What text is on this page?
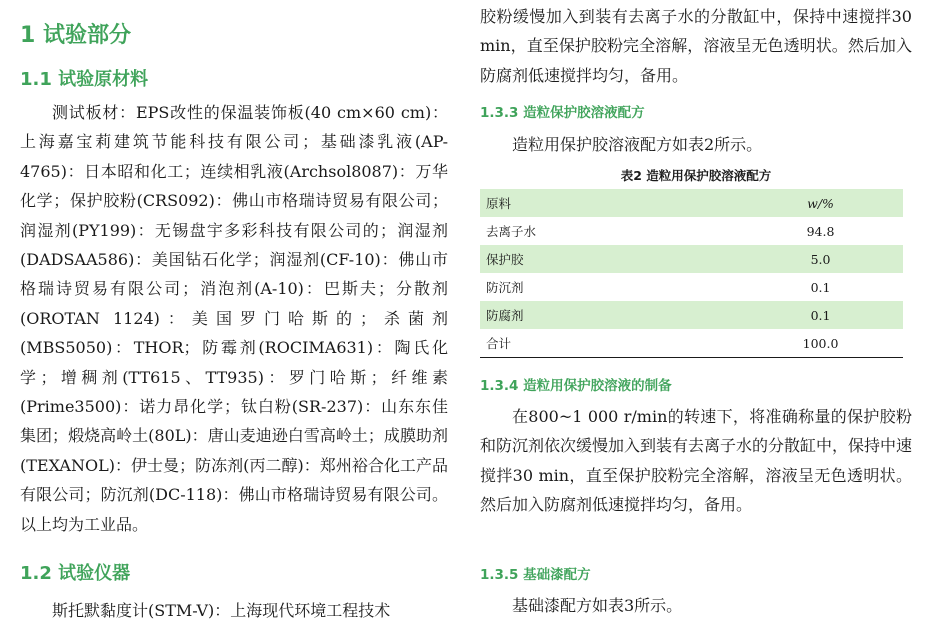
1 试验部分
1.1 试验原材料

测试板材：EPS改性的保温装饰板(40 cm×60 cm)：上海嘉宝莉建筑节能科技有限公司；基础漆乳液(AP-4765)：日本昭和化工；连续相乳液(Archsol8087)：万华化学；保护胶粉(CRS092)：佛山市格瑞诗贸易有限公司；润湿剂(PY199)：无锡盘宇多彩科技有限公司的；润湿剂(DADSAA586)：美国钻石化学；润湿剂(CF-10)：佛山市格瑞诗贸易有限公司；消泡剂(A-10)：巴斯夫；分散剂(OROTAN 1124)：美国罗门哈斯的；杀菌剂(MBS5050)：THOR；防霉剂(ROCIMA631)：陶氏化学；增稠剂(TT615、TT935)：罗门哈斯；纤维素(Prime3500)：诺力昂化学；钛白粉(SR-237)：山东东佳集团；煅烧高岭土(80L)：唐山麦迪逊白雪高岭土；成膜助剂(TEXANOL)：伊士曼；防冻剂(丙二醇)：郑州裕合化工产品有限公司；防沉剂(DC-118)：佛山市格瑞诗贸易有限公司。以上均为工业品。

1.2 试验仪器

斯托默黏度计(STM-V)：上海现代环境工程技术

胶粉缓慢加入到装有去离子水的分散缸中，保持中速搅拌30 min，直至保护胶粉完全溶解，溶液呈无色透明状。然后加入防腐剂低速搅拌均匀，备用。

1.3.3 造粒保护胶溶液配方

造粒用保护胶溶液配方如表2所示。

表2 造粒用保护胶溶液配方

原料	w/%
去离子水	94.8
保护胶	5.0
防沉剂	0.1
防腐剂	0.1
合计	100.0
1.3.4 造粒用保护胶溶液的制备

在800~1 000 r/min的转速下，将准确称量的保护胶粉和防沉剂依次缓慢加入到装有去离子水的分散缸中，保持中速搅拌30 min，直至保护胶粉完全溶解，溶液呈无色透明状。然后加入防腐剂低速搅拌均匀，备用。

1.3.5 基础漆配方

基础漆配方如表3所示。
